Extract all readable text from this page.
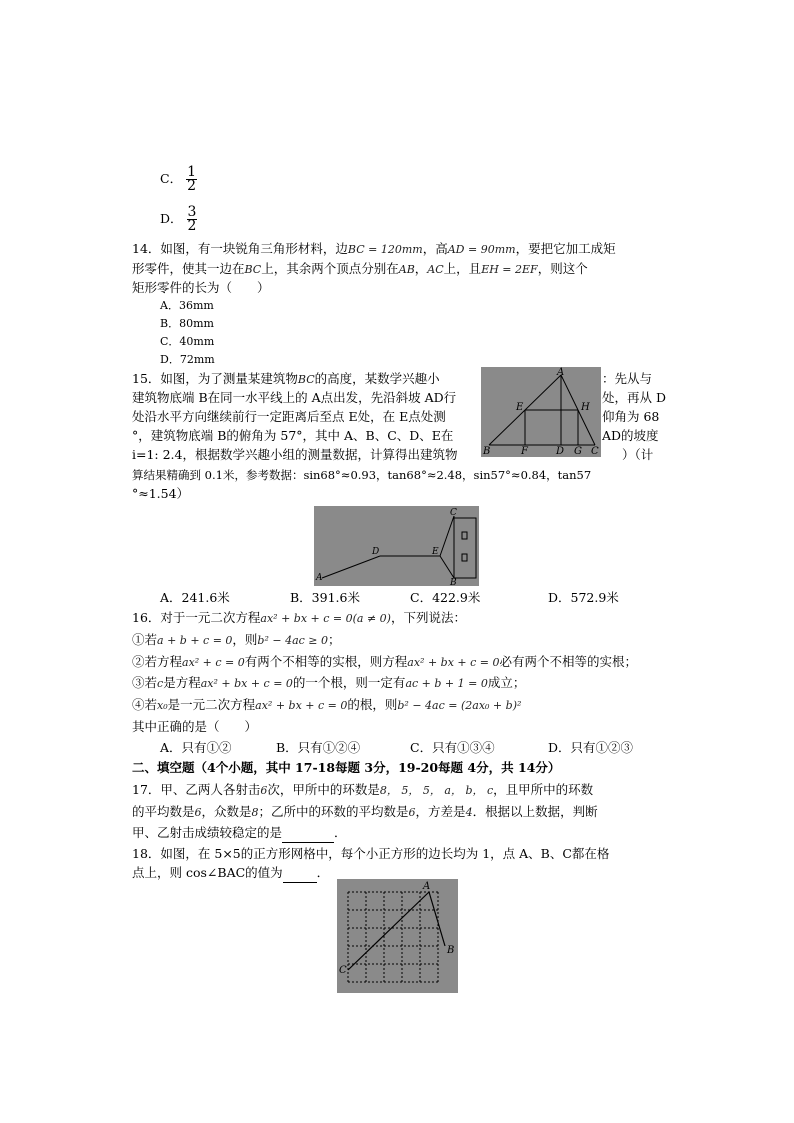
C． $\frac{1}{2}$
D． $\frac{3}{2}$
14．如图，有一块锐角三角形材料，边BC = 120mm，高AD = 90mm，要把它加工成矩
形零件，使其一边在BC上，其余两个顶点分别在AB，AC上，且EH = 2EF，则这个
矩形零件的长为（　　）
A．36mm
B．80mm
C．40mm
D．72mm
15．如图，为了测量某建筑物BC的高度，某数学兴趣小	：先从与
建筑物底端 B在同一水平线上的 A点出发，先沿斜坡 AD行	处，再从 D
处沿水平方向继续前行一定距离后至点 E处，在 E点处测	仰角为 68
°，建筑物底端 B的俯角为 57°，其中 A、B、C、D、E在	AD的坡度
i=1: 2.4，根据数学兴趣小组的测量数据，计算得出建筑物	）（计
算结果精确到 0.1米，参考数据：sin68°≈0.93，tan68°≈2.48，sin57°≈0.84，tan57
°≈1.54）
A
E	H
B	F	D G C
C
D	E
A	B
A．241.6米	B．391.6米	C．422.9米	D．572.9米
16．对于一元二次方程ax² + bx + c = 0(a ≠ 0)，下列说法：
①若a + b + c = 0，则b² − 4ac ≥ 0；
②若方程ax² + c = 0有两个不相等的实根，则方程ax² + bx + c = 0必有两个不相等的实根；
③若c是方程ax² + bx + c = 0的一个根，则一定有ac + b + 1 = 0成立；
④若x₀是一元二次方程ax² + bx + c = 0的根，则b² − 4ac = (2ax₀ + b)²
其中正确的是（　　）
A．只有①②	B．只有①②④	C．只有①③④	D．只有①②③
二、填空题（4个小题，其中 17-18每题 3分，19-20每题 4分，共 14分）
17．甲、乙两人各射击6次，甲所中的环数是8， 5， 5， a， b， c，且甲所中的环数
的平均数是6，众数是8；乙所中的环数的平均数是6，方差是4．根据以上数据，判断
甲、乙射击成绩较稳定的是	．
18．如图，在 5×5的正方形网格中，每个小正方形的边长均为 1，点 A、B、C都在格
点上，则 cos∠BAC的值为	．
A
B
C
